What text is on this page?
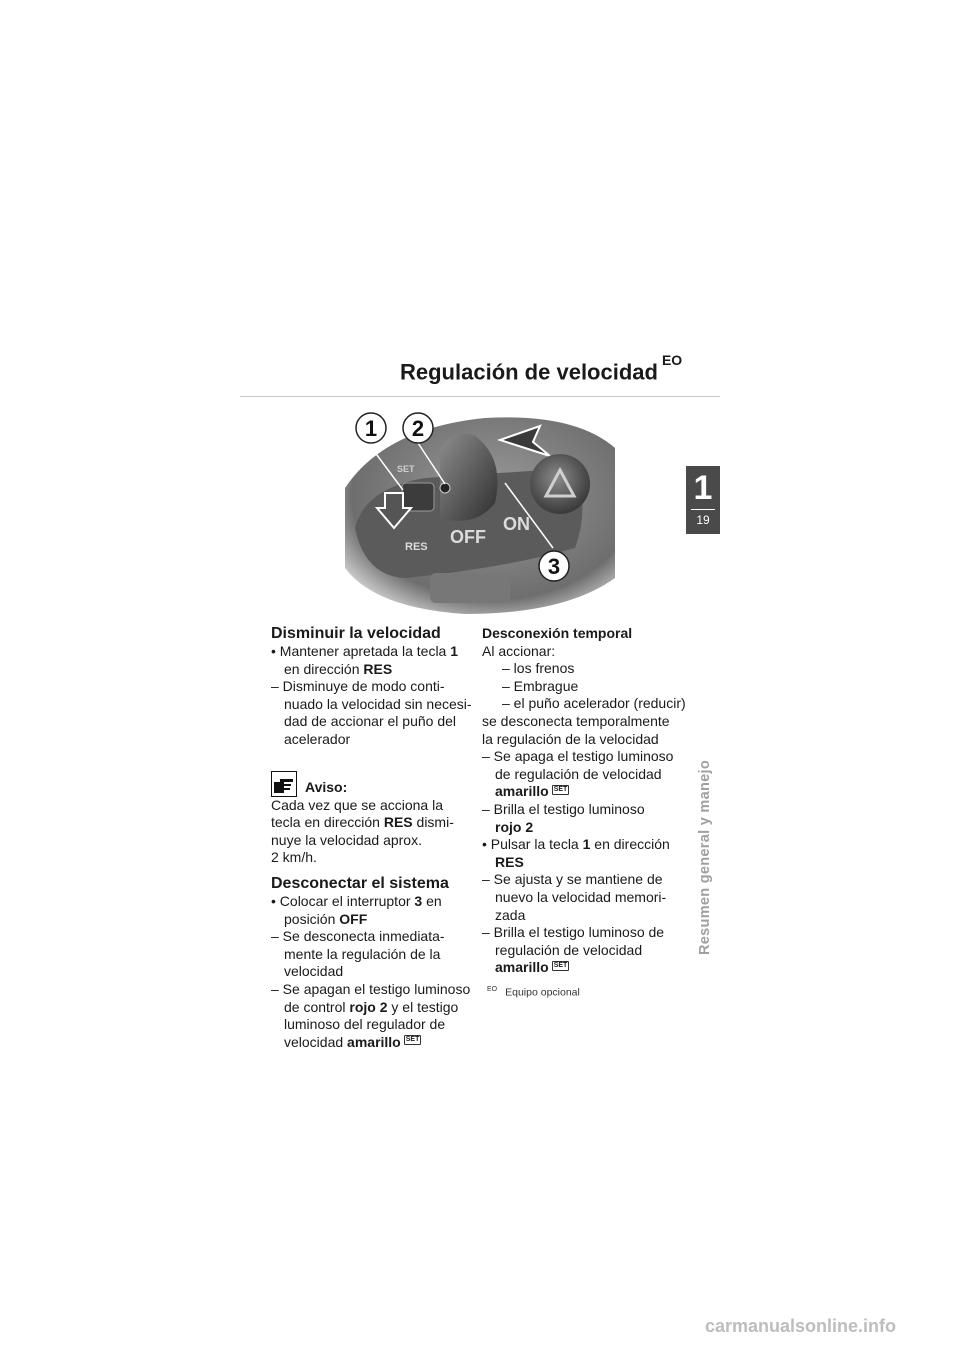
Regulación de velocidad $^{EO}$
SET
RES OFF
ON
1 2
3
1
19
Resumen general y manejo
Disminuir la velocidad
• Mantener apretada la tecla 1
en dirección RES
– Disminuye de modo conti-
nuado la velocidad sin necesi-
dad de accionar el puño del
acelerador
Aviso:
Cada vez que se acciona la
tecla en dirección RES dismi-
nuye la velocidad aprox.
2 km/h.
Desconectar el sistema
• Colocar el interruptor 3 en
posición OFF
– Se desconecta inmediata-
mente la regulación de la
velocidad
– Se apagan el testigo luminoso
de control rojo 2 y el testigo
luminoso del regulador de
velocidad amarillo SET
Desconexión temporal
Al accionar:
– los frenos
– Embrague
– el puño acelerador (reducir)
se desconecta temporalmente
la regulación de la velocidad
– Se apaga el testigo luminoso
de regulación de velocidad
amarillo SET
– Brilla el testigo luminoso
rojo 2
• Pulsar la tecla 1 en dirección
RES
– Se ajusta y se mantiene de
nuevo la velocidad memori-
zada
– Brilla el testigo luminoso de
regulación de velocidad
amarillo SET
$^{EO}$ Equipo opcional
carmanualsonline.info
